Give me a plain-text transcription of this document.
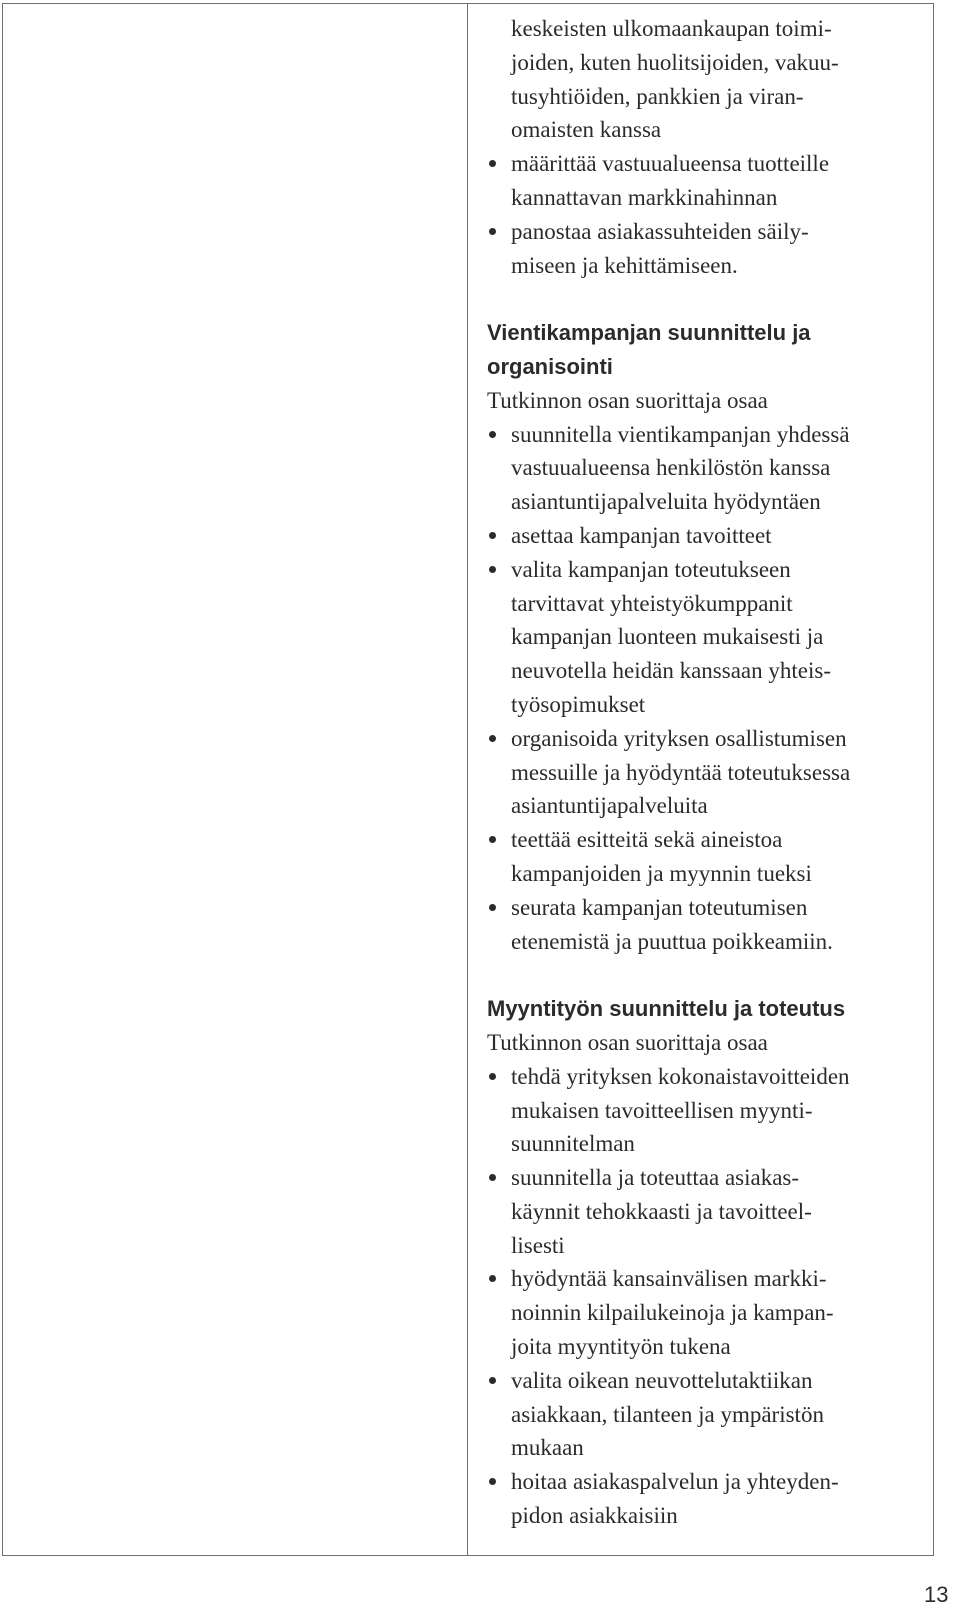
keskeisten ulkomaankaupan toimi-
joiden, kuten huolitsijoiden, vakuu-
tusyhtiöiden, pankkien ja viran-
omaisten kanssa
määrittää vastuualueensa tuotteille
kannattavan markkinahinnan
panostaa asiakassuhteiden säily-
miseen ja kehittämiseen.
Vientikampanjan suunnittelu ja
organisointi
Tutkinnon osan suorittaja osaa
suunnitella vientikampanjan yhdessä
vastuualueensa henkilöstön kanssa
asiantuntijapalveluita hyödyntäen
asettaa kampanjan tavoitteet
valita kampanjan toteutukseen
tarvittavat yhteistyökumppanit
kampanjan luonteen mukaisesti ja
neuvotella heidän kanssaan yhteis-
työsopimukset
organisoida yrityksen osallistumisen
messuille ja hyödyntää toteutuksessa
asiantuntijapalveluita
teettää esitteitä sekä aineistoa
kampanjoiden ja myynnin tueksi
seurata kampanjan toteutumisen
etenemistä ja puuttua poikkeamiin.
Myyntityön suunnittelu ja toteutus
Tutkinnon osan suorittaja osaa
tehdä yrityksen kokonaistavoitteiden
mukaisen tavoitteellisen myynti-
suunnitelman
suunnitella ja toteuttaa asiakas-
käynnit tehokkaasti ja tavoitteel-
lisesti
hyödyntää kansainvälisen markki-
noinnin kilpailukeinoja ja kampan-
joita myyntityön tukena
valita oikean neuvottelutaktiikan
asiakkaan, tilanteen ja ympäristön
mukaan
hoitaa asiakaspalvelun ja yhteyden-
pidon asiakkaisiin
13
